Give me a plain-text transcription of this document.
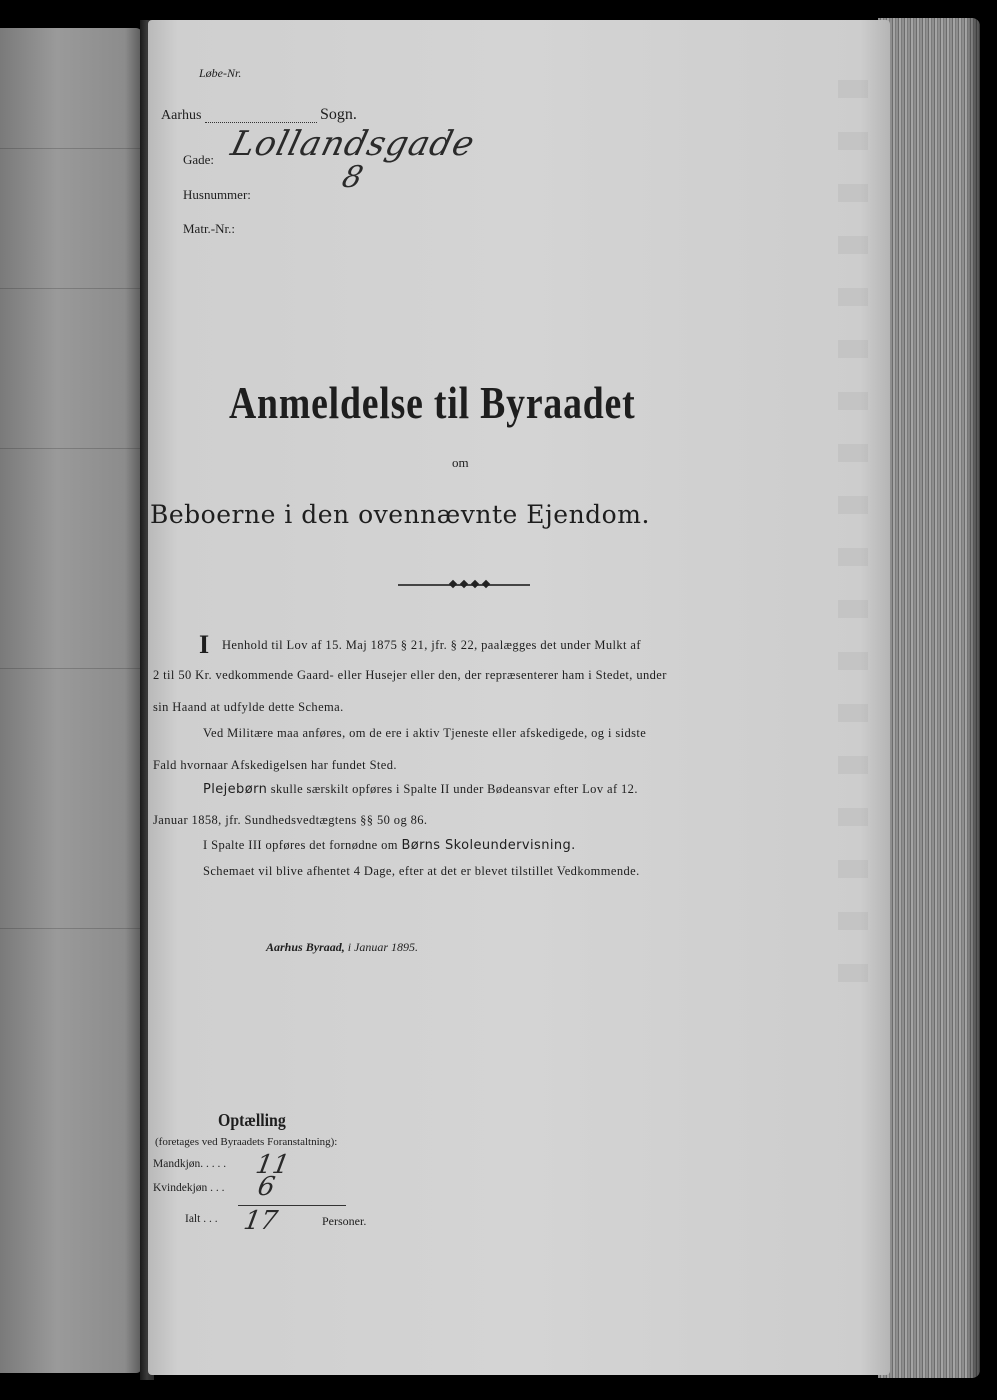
Løbe-Nr.
Aarhus	Sogn.
Gade: Lollandsgade
Husnummer:	8
Matr.-Nr.:
Anmeldelse til Byraadet
om
Beboerne i den ovennævnte Ejendom.
I Henhold til Lov af 15. Maj 1875 § 21, jfr. § 22, paalægges det under Mulkt af
2 til 50 Kr. vedkommende Gaard- eller Husejer eller den, der repræsenterer ham i Stedet, under
sin Haand at udfylde dette Schema.
Ved Militære maa anføres, om de ere i aktiv Tjeneste eller afskedigede, og i sidste
Fald hvornaar Afskedigelsen har fundet Sted.
Plejebørn skulle særskilt opføres i Spalte II under Bødeansvar efter Lov af 12.
Januar 1858, jfr. Sundhedsvedtægtens §§ 50 og 86.
I Spalte III opføres det fornødne om Børns Skoleundervisning.
Schemaet vil blive afhentet 4 Dage, efter at det er blevet tilstillet Vedkommende.
Aarhus Byraad, i Januar 1895.
Optælling
(foretages ved Byraadets Foranstaltning):
Mandkjøn. . . . . 11
Kvindekjøn . . . 6
Ialt . . . 17	Personer.
